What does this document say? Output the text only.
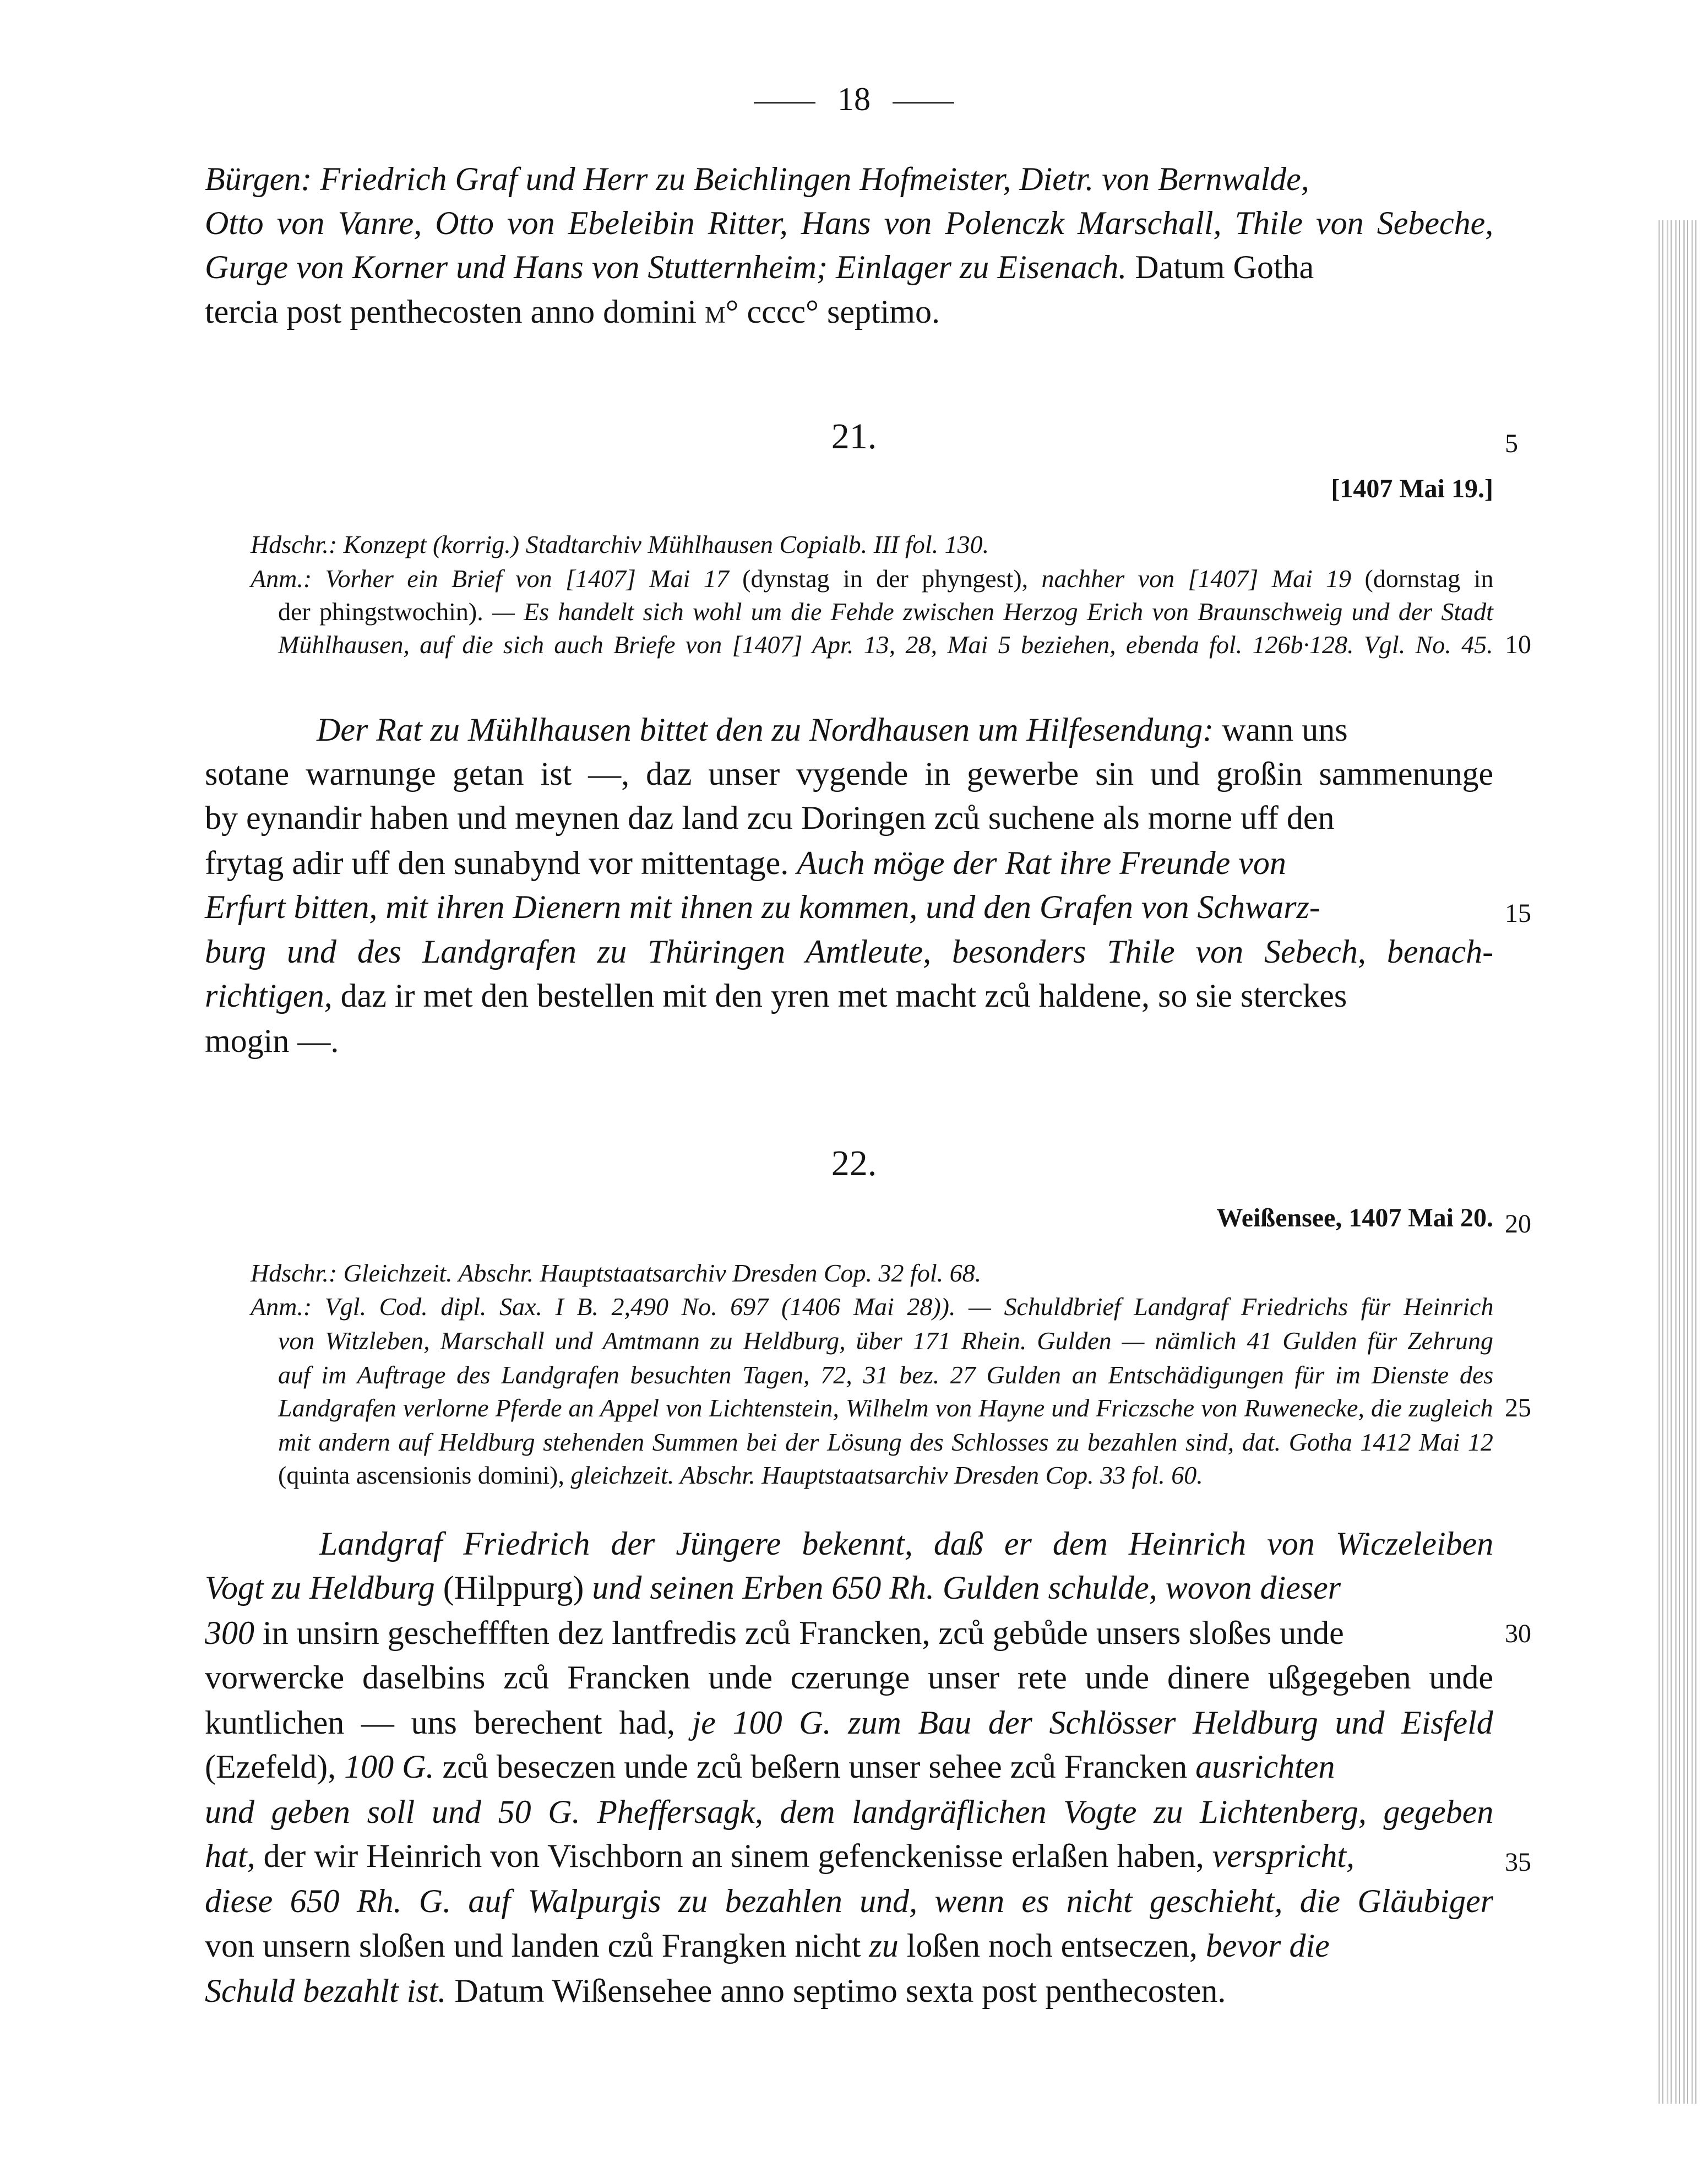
18
Bürgen: Friedrich Graf und Herr zu Beichlingen Hofmeister, Dietr. von Bernwalde,
Otto von Vanre, Otto von Ebeleibin Ritter, Hans von Polenczk Marschall, Thile von Sebeche,
Gurge von Korner und Hans von Stutternheim; Einlager zu Eisenach. Datum Gotha
tercia post penthecosten anno domini m° cccc° septimo.
21.
[1407 Mai 19.]
Hdschr.: Konzept (korrig.) Stadtarchiv Mühlhausen Copialb. III fol. 130.
Anm.: Vorher ein Brief von [1407] Mai 17 (dynstag in der phyngest), nachher von [1407] Mai 19 (dornstag in
der phingstwochin). — Es handelt sich wohl um die Fehde zwischen Herzog Erich von Braunschweig und der Stadt
Mühlhausen, auf die sich auch Briefe von [1407] Apr. 13, 28, Mai 5 beziehen, ebenda fol. 126b·128. Vgl. No. 45.
Der Rat zu Mühlhausen bittet den zu Nordhausen um Hilfesendung: wann uns
sotane warnunge getan ist —, daz unser vygende in gewerbe sin und großin sammenunge
by eynandir haben und meynen daz land zcu Doringen zců suchene als morne uff den
frytag adir uff den sunabynd vor mittentage. Auch möge der Rat ihre Freunde von
Erfurt bitten, mit ihren Dienern mit ihnen zu kommen, und den Grafen von Schwarz-
burg und des Landgrafen zu Thüringen Amtleute, besonders Thile von Sebech, benach-
richtigen, daz ir met den bestellen mit den yren met macht zců haldene, so sie sterckes
mogin —.
22.
Weißensee, 1407 Mai 20.
Hdschr.: Gleichzeit. Abschr. Hauptstaatsarchiv Dresden Cop. 32 fol. 68.
Anm.: Vgl. Cod. dipl. Sax. I B. 2,490 No. 697 (1406 Mai 28)). — Schuldbrief Landgraf Friedrichs für Heinrich
von Witzleben, Marschall und Amtmann zu Heldburg, über 171 Rhein. Gulden — nämlich 41 Gulden für Zehrung
auf im Auftrage des Landgrafen besuchten Tagen, 72, 31 bez. 27 Gulden an Entschädigungen für im Dienste des
Landgrafen verlorne Pferde an Appel von Lichtenstein, Wilhelm von Hayne und Friczsche von Ruwenecke, die zugleich
mit andern auf Heldburg stehenden Summen bei der Lösung des Schlosses zu bezahlen sind, dat. Gotha 1412 Mai 12
(quinta ascensionis domini), gleichzeit. Abschr. Hauptstaatsarchiv Dresden Cop. 33 fol. 60.
Landgraf Friedrich der Jüngere bekennt, daß er dem Heinrich von Wiczeleiben
Vogt zu Heldburg (Hilppurg) und seinen Erben 650 Rh. Gulden schulde, wovon dieser
300 in unsirn gescheffften dez lantfredis zců Francken, zců gebůde unsers sloßes unde
vorwercke daselbins zců Francken unde czerunge unser rete unde dinere ußgegeben unde
kuntlichen — uns berechent had, je 100 G. zum Bau der Schlösser Heldburg und Eisfeld
(Ezefeld), 100 G. zců beseczen unde zců beßern unser sehee zců Francken ausrichten
und geben soll und 50 G. Pheffersagk, dem landgräflichen Vogte zu Lichtenberg, gegeben
hat, der wir Heinrich von Vischborn an sinem gefenckenisse erlaßen haben, verspricht,
diese 650 Rh. G. auf Walpurgis zu bezahlen und, wenn es nicht geschieht, die Gläubiger
von unsern sloßen und landen czů Frangken nicht zu loßen noch entseczen, bevor die
Schuld bezahlt ist. Datum Wißensehee anno septimo sexta post penthecosten.
5
10
15
20
25
30
35
